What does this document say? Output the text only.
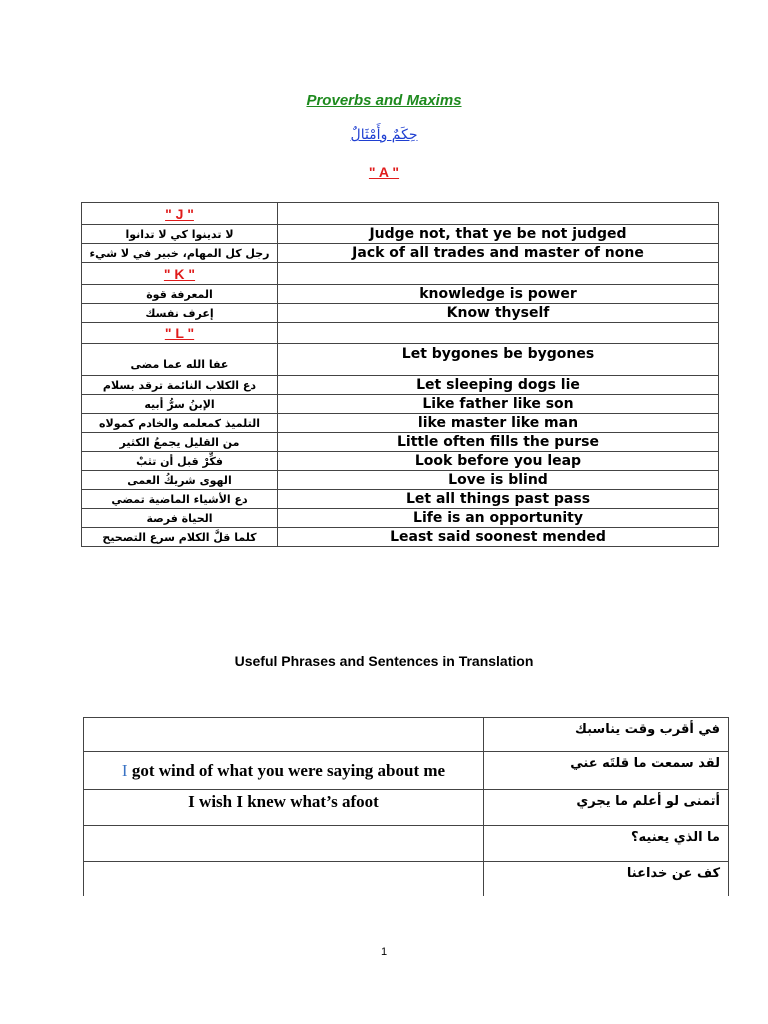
Proverbs and Maxims
حِكَمٌ وأَمْثَالٌ
" A "
" J "	
لا تدينوا كي لا تدانوا	Judge not, that ye be not judged
رجل كل المهام، خبير في لا شيء	Jack of all trades and master of none
" K "	
المعرفة قوة	knowledge is power
إعرف نفسك	Know thyself
" L "	
عفا الله عما مضى	Let bygones be bygones
دع الكلاب النائمة ترقد بسلام	Let sleeping dogs lie
الإبنُ سرُّ أبيه	Like father like son
التلميذ كمعلمه والخادم كمولاه	like master like man
من القليل يجمعُ الكثير	Little often fills the purse
فكِّرْ قبل أن تثبْ	Look before you leap
الهوى شريكُ العمى	Love is blind
دع الأشياء الماضية تمضي	Let all things past pass
الحياة فرصة	Life is an opportunity
كلما قلَّ الكلام سرع التصحيح	Least said soonest mended
Useful Phrases and Sentences in Translation
	في أقرب وقت يناسبك
I got wind of what you were saying about me	لقد سمعت ما قلتَه عني
I wish I knew what’s afoot	أتمنى لو أعلم ما يجري
	ما الذي يعنيه؟
	كف عن خداعنا
1
